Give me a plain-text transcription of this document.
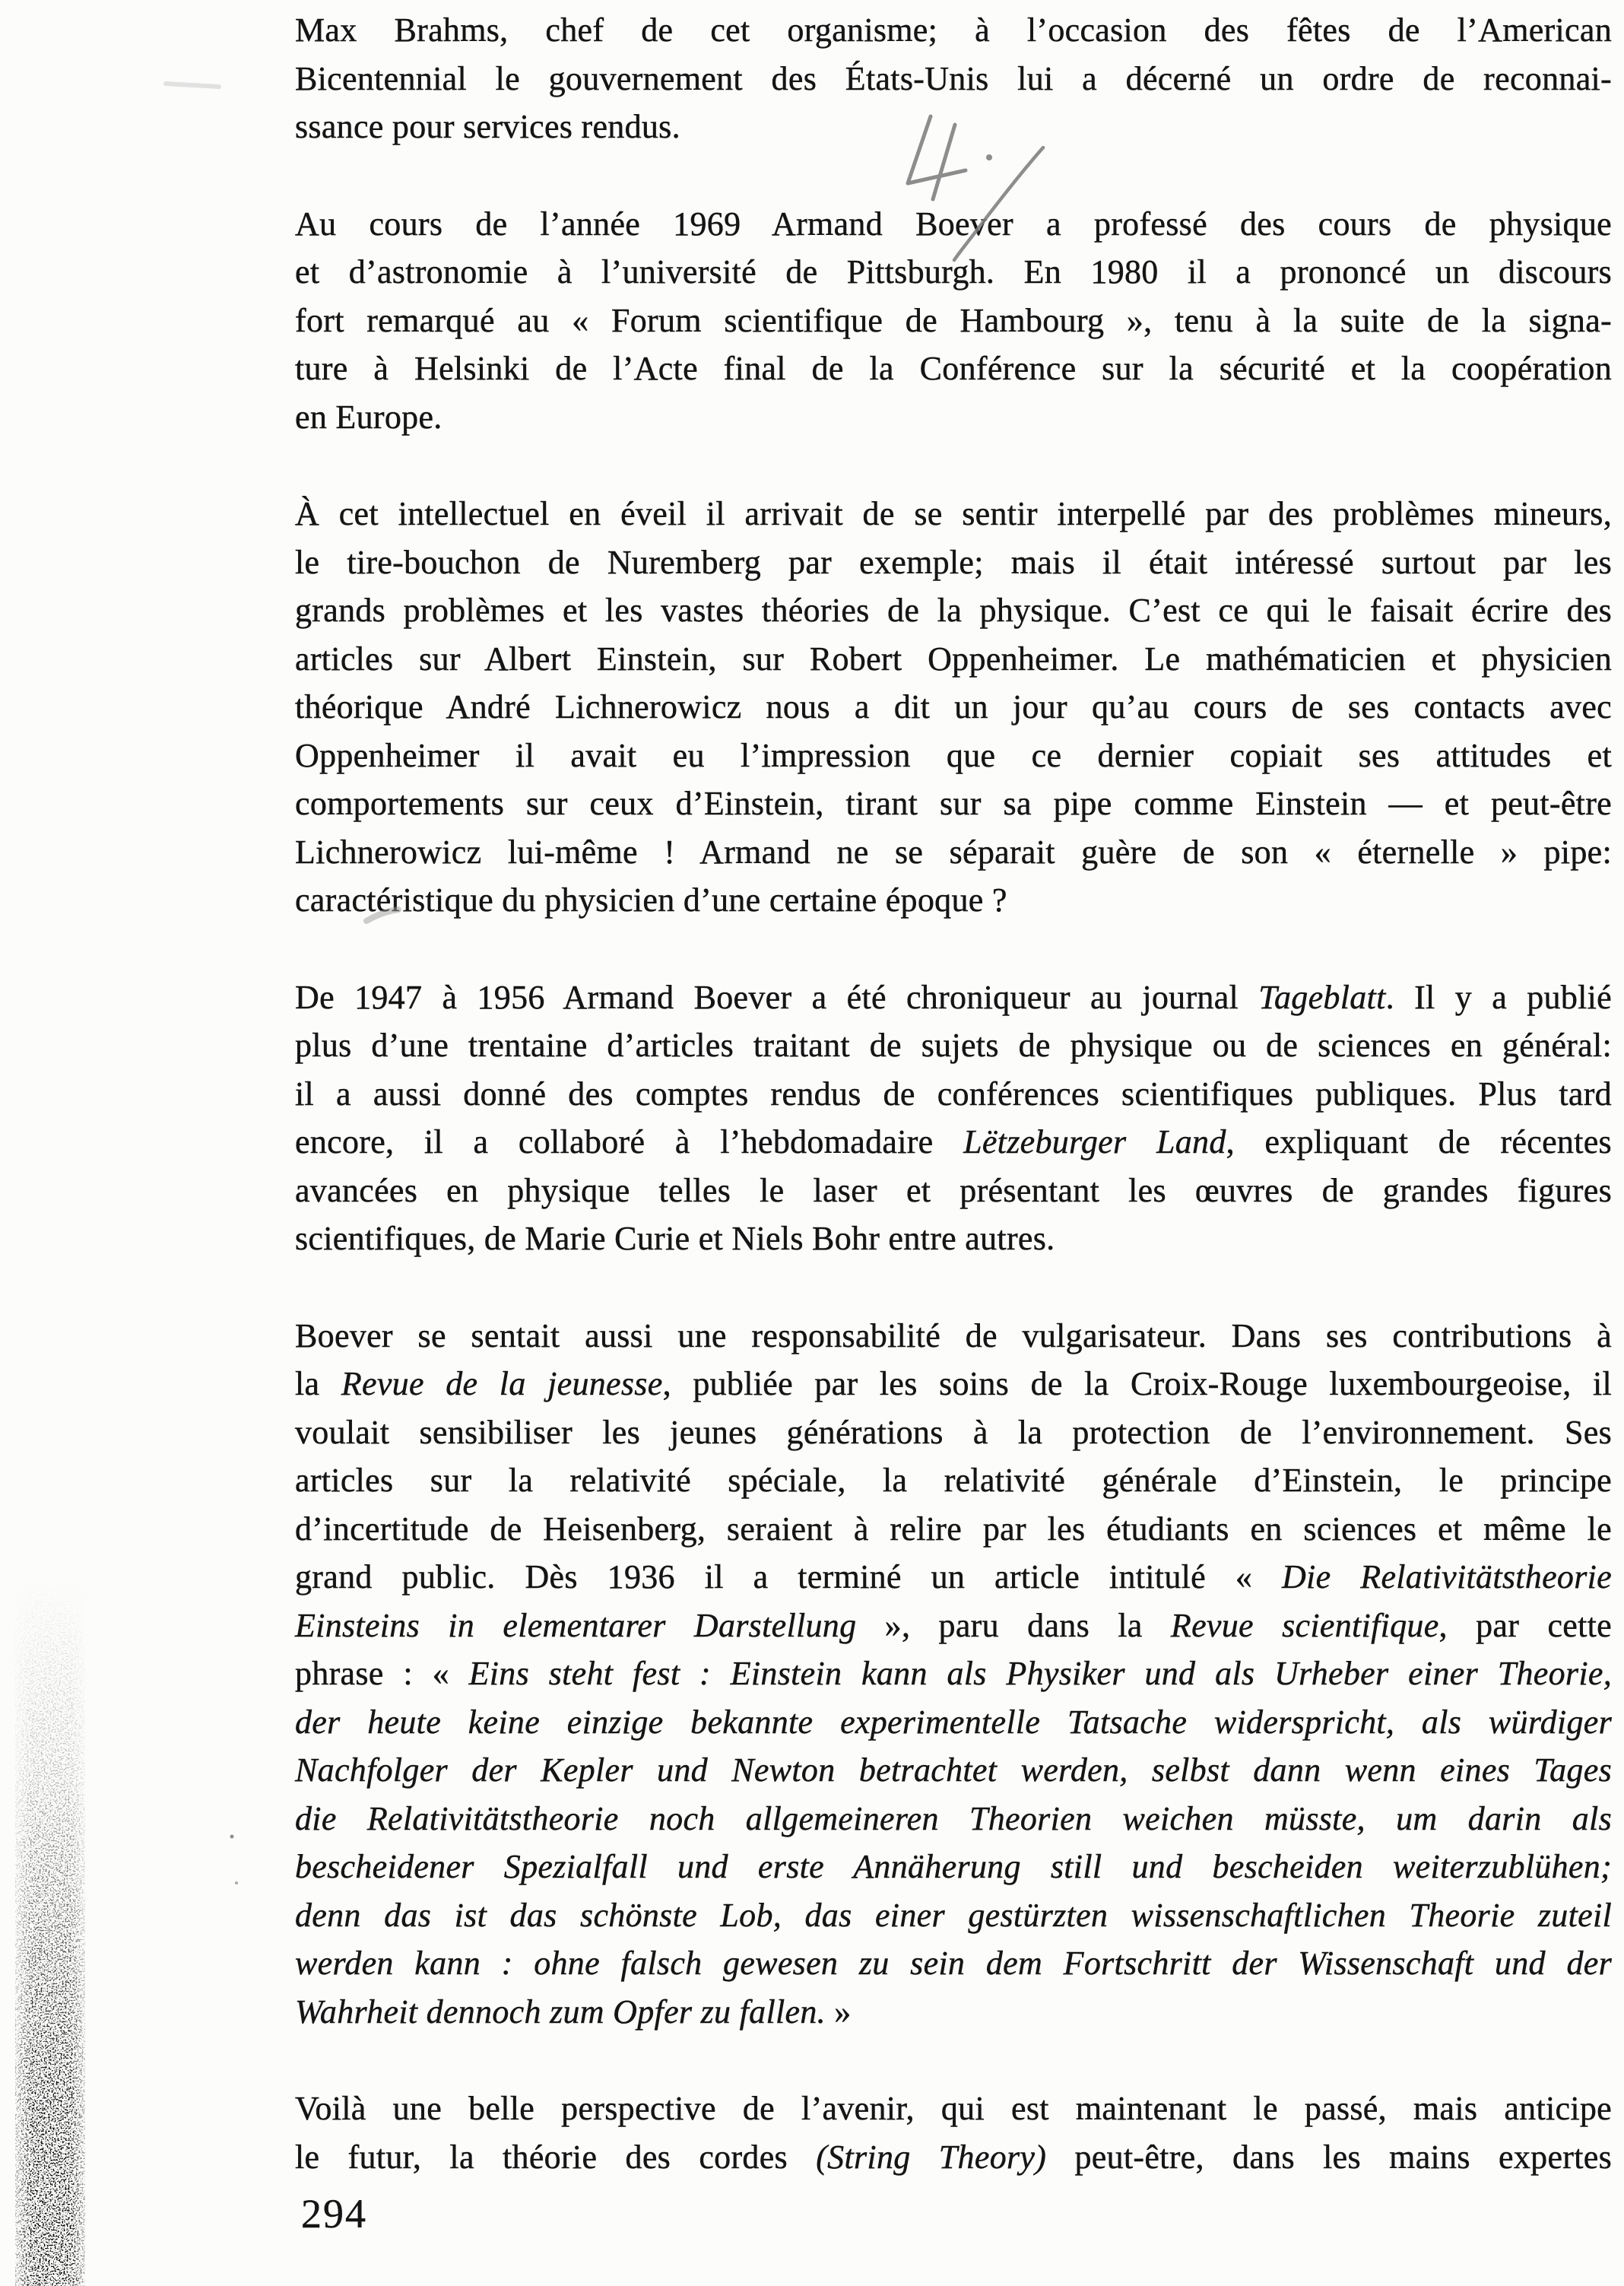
Max Brahms, chef de cet organisme; à l’occasion des fêtes de l’American
Bicentennial le gouvernement des États-Unis lui a décerné un ordre de reconnai-
ssance pour services rendus.
Au cours de l’année 1969 Armand Boever a professé des cours de physique
et d’astronomie à l’université de Pittsburgh. En 1980 il a prononcé un discours
fort remarqué au « Forum scientifique de Hambourg », tenu à la suite de la signa-
ture à Helsinki de l’Acte final de la Conférence sur la sécurité et la coopération
en Europe.
À cet intellectuel en éveil il arrivait de se sentir interpellé par des problèmes mineurs,
le tire-bouchon de Nuremberg par exemple; mais il était intéressé surtout par les
grands problèmes et les vastes théories de la physique. C’est ce qui le faisait écrire des
articles sur Albert Einstein, sur Robert Oppenheimer. Le mathématicien et physicien
théorique André Lichnerowicz nous a dit un jour qu’au cours de ses contacts avec
Oppenheimer il avait eu l’impression que ce dernier copiait ses attitudes et
comportements sur ceux d’Einstein, tirant sur sa pipe comme Einstein — et peut-être
Lichnerowicz lui-même ! Armand ne se séparait guère de son « éternelle » pipe:
caractéristique du physicien d’une certaine époque ?
De 1947 à 1956 Armand Boever a été chroniqueur au journal Tageblatt. Il y a publié
plus d’une trentaine d’articles traitant de sujets de physique ou de sciences en général:
il a aussi donné des comptes rendus de conférences scientifiques publiques. Plus tard
encore, il a collaboré à l’hebdomadaire Lëtzeburger Land, expliquant de récentes
avancées en physique telles le laser et présentant les œuvres de grandes figures
scientifiques, de Marie Curie et Niels Bohr entre autres.
Boever se sentait aussi une responsabilité de vulgarisateur. Dans ses contributions à
la Revue de la jeunesse, publiée par les soins de la Croix-Rouge luxembourgeoise, il
voulait sensibiliser les jeunes générations à la protection de l’environnement. Ses
articles sur la relativité spéciale, la relativité générale d’Einstein, le principe
d’incertitude de Heisenberg, seraient à relire par les étudiants en sciences et même le
grand public. Dès 1936 il a terminé un article intitulé « Die Relativitätstheorie
Einsteins in elementarer Darstellung », paru dans la Revue scientifique, par cette
phrase : « Eins steht fest : Einstein kann als Physiker und als Urheber einer Theorie,
der heute keine einzige bekannte experimentelle Tatsache widerspricht, als würdiger
Nachfolger der Kepler und Newton betrachtet werden, selbst dann wenn eines Tages
die Relativitätstheorie noch allgemeineren Theorien weichen müsste, um darin als
bescheidener Spezialfall und erste Annäherung still und bescheiden weiterzublühen;
denn das ist das schönste Lob, das einer gestürzten wissenschaftlichen Theorie zuteil
werden kann : ohne falsch gewesen zu sein dem Fortschritt der Wissenschaft und der
Wahrheit dennoch zum Opfer zu fallen. »
Voilà une belle perspective de l’avenir, qui est maintenant le passé, mais anticipe
le futur, la théorie des cordes (String Theory) peut-être, dans les mains expertes
294
